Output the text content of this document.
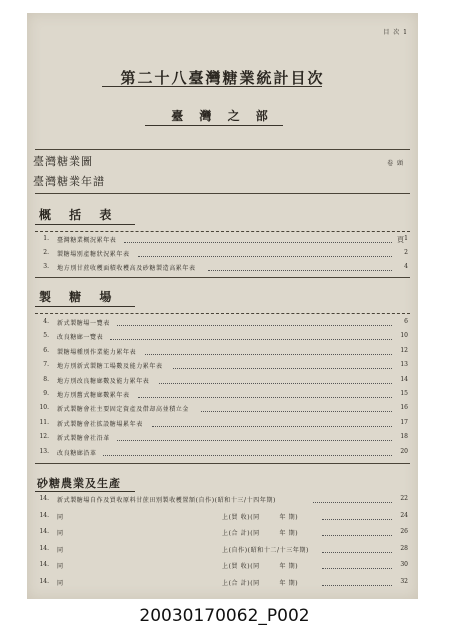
目 次 1
第二十八臺灣糖業統計目次
臺 灣 之 部
臺灣糖業圖	卷 頭
臺灣糖業年譜
概 括 表
頁
1. 臺灣糖業概況累年表	1
2. 製糖場別產糖狀況累年表	2
3. 地方別甘蔗收穫面積收穫高及砂糖製造高累年表	4
製 糖 場
4. 新式製糖場一覽表	6
5. 改良糖廍一覽表	10
6. 製糖場種別作業能力累年表	12
7. 地方別新式製糖工場數及能力累年表	13
8. 地方別改良糖廍數及能力累年表	14
9. 地方別舊式糖廍數累年表	15
10. 新式製糖會社主要固定資產及借却高並積立金	16
11. 新式製糖會社拡設糖場累年表	17
12. 新式製糖會社沿革	18
13. 改良糖廍沿革	20
砂糖農業及生產
14. 新式製糖場自作及買收原料甘蔗田別製收穫置額(自作)(昭和十三/十四年期)	22
14. 同	上(買 收)(同　　　年 期)	24
14. 同	上(合 計)(同　　　年 期)	26
14. 同	上(自作)(昭和十二/十三年期)	28
14. 同	上(買 收)(同　　　年 期)	30
14. 同	上(合 計)(同　　　年 期)	32
20030170062_P002
